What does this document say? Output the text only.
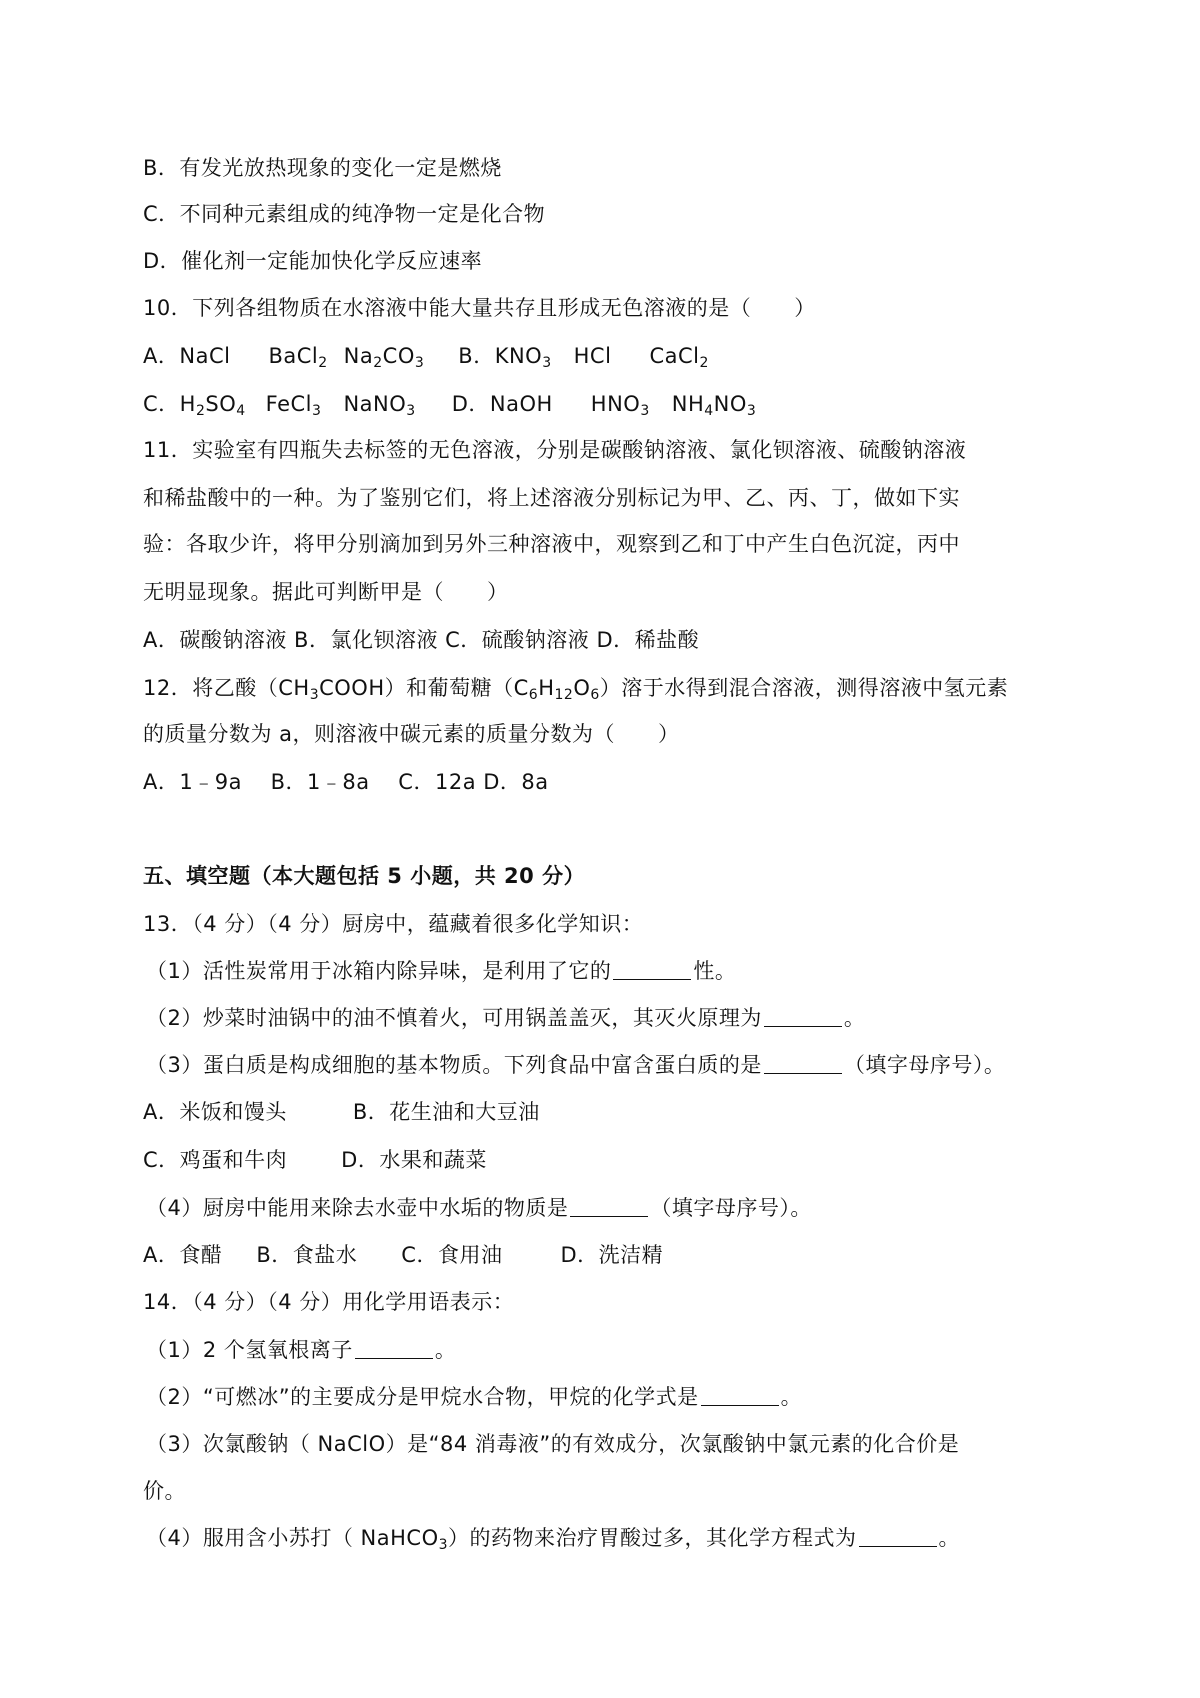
B．有发光放热现象的变化一定是燃烧
C．不同种元素组成的纯净物一定是化合物
D．催化剂一定能加快化学反应速率
10．下列各组物质在水溶液中能大量共存且形成无色溶液的是（　　）
A．NaCl BaCl$_2$ $Na_2CO_3$ B．$KNO_3$ HCl CaCl$_2$
C．$H_2SO_4$ FeCl$_3$ NaNO$_3$ D．NaOH $HNO_3$ $NH_4NO_3$
11．实验室有四瓶失去标签的无色溶液，分别是碳酸钠溶液、氯化钡溶液、硫酸钠溶液
和稀盐酸中的一种。为了鉴别它们，将上述溶液分别标记为甲、乙、丙、丁，做如下实
验：各取少许，将甲分别滴加到另外三种溶液中，观察到乙和丁中产生白色沉淀，丙中
无明显现象。据此可判断甲是（　　）
A．碳酸钠溶液 B．氯化钡溶液 C．硫酸钠溶液 D．稀盐酸
12．将乙酸$(CH_3COOH)$和葡萄糖$(C_6H_{12}O_6)$溶于水得到混合溶液，测得溶液中氢元素
的质量分数为 a，则溶液中碳元素的质量分数为（　　）
A．1﹣9a　 B．1﹣8a　 C．12a D．8a
五、填空题（本大题包括 5 小题，共 20 分）
13．（4 分）（4 分）厨房中，蕴藏着很多化学知识：
（1）活性炭常用于冰箱内除异味，是利用了它的	性。
（2）炒菜时油锅中的油不慎着火，可用锅盖盖灭，其灭火原理为	。
（3）蛋白质是构成细胞的基本物质。下列食品中富含蛋白质的是	（填字母序号）。
A．米饭和馒头	B．花生油和大豆油
C．鸡蛋和牛肉	D．水果和蔬菜
（4）厨房中能用来除去水壶中水垢的物质是	（填字母序号）。
A．食醋 B．食盐水 C．食用油	D．洗洁精
14．（4 分）（4 分）用化学用语表示：
（1）2 个氢氧根离子	。
（2）“可燃冰”的主要成分是甲烷水合物，甲烷的化学式是	。
（3）次氯酸钠（ NaClO）是“84 消毒液”的有效成分，次氯酸钠中氯元素的化合价是
价。
（4）服用含小苏打（ NaHCO$_3$）的药物来治疗胃酸过多，其化学方程式为	。
